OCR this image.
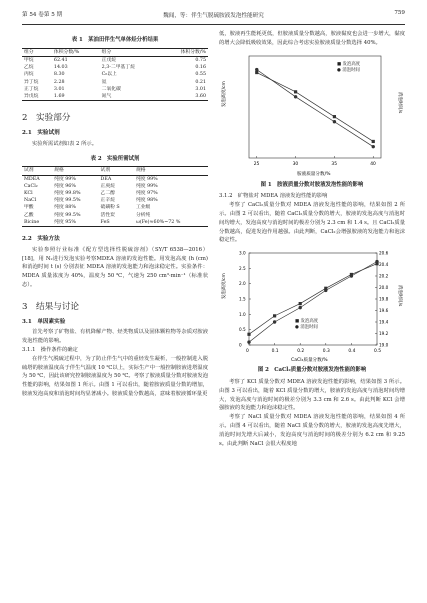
第 54 卷第 5 期	魏闻，等：伴生气脱硫胺液发泡性能研究	759
表 1　某油田伴生气单体烃分析结果
组分	体积分数/%	组分	体积分数/%
甲烷	62.41	正戊烷	0.75
乙烷	14.03	2,3-二甲基丁烷	0.16
丙烷	8.30	C₆以上	0.55
异丁烷	2.28	氦	0.21
正丁烷	3.01	二氧化碳	3.01
异戊烷	1.69	氮气	3.60
2　实验部分
2.1　实验试剂

实验所需试剂如表 2 所示。

表 2　实验所需试剂
试剂	规格	试剂	规格
MDEA	纯度 99%	DEA	纯度 99%
CaCl₂	纯度 96%	正庚烷	纯度 99%
KCl	纯度 99.8%	乙二醇	纯度 97%
NaCl	纯度 99.5%	正辛烷	纯度 98%
甲酸	纯度 88%	硫磺粉 S	工业级
乙酸	纯度 99.5%	活性炭	分析纯
Bicine	纯度 95%	FeS	ω(Fe)≈60%~72 %
2.2　实验方法

实验参照行业标准《配方型选择性脱硫溶剂》（SY/T 6538—2016）[18]，用 N₂进行发泡实验考察MDEA 溶液的发泡性能。用发泡高度 (h (cm)和消泡时间 t (s) 分别表征 MDEA 溶液的发泡能力和泡沫稳定性。实验条件：MDEA 质量浓度为 40%，温度为 50 ℃，气速为 250 cm³·min⁻¹（标准状态）。

3　结果与讨论
3.1　单因素实验

首先考察了矿物盐、有机降解产物、烃类物质以及固体颗粒物等杂质对胺液发泡性能的影响。

3.1.1　操作条件的确定

在伴生气脱硫过程中，为了防止伴生气中的重烃发生凝析，一般控制进入脱硫塔的胺液温度高于伴生气温度 10 ℃以上，实际生产中一般控制胺液进塔温度为 50 ℃，因此该研究控制胺液温度为 50 ℃。考察了胺液质量分数对胺液发泡性能的影响，结果如图 1 所示。由图 1 可以看出，随着胺液质量分数的增加，胺液发泡高度和消泡时间均显著减小。胺液质量分数越高，意味着胺液循环量更

低，胺液再生能耗更低，但胺液质量分数越高，胺液黏度也会进一步增大，黏度的增大会降低吸收效果，因此综合考虑实验胺液质量分数选择 40%。

发泡高度/cm	消泡时间/s
胺液质量分数/%
25	30	35	40
■ 发泡高度
● 消泡时间
图 1　胺液质量分数对胺液发泡性能的影响
3.1.2　矿物盐对 MDEA 溶液发泡性能的影响

考察了 CaCl₂质量分数对 MDEA 溶液发泡性能的影响，结果如图 2 所示。由图 2 可以看出，随着 CaCl₂质量分数的增大，胺液的发泡高度与消泡时间均增大，发泡高度与消泡时间的极差分别为 2.3 cm 和 1.4 s。且 CaCl₂质量分数越高，促进发泡作用越强。由此判断，CaCl₂会增强胺液的发泡能力和泡沫稳定性。

发泡高度/cm	消泡时间/s
CaCl₂质量分数/%
0	0.1	0.2	0.3	0.4	0.5
0
0.5
1.0
1.5
2.0
2.5
3.0
19.0
19.2
19.4
19.6
19.8
20.0
20.2
20.4
20.6
■ 发泡高度
● 消泡时间
图 2　CaCl₂质量分数对胺液发泡性能的影响

考察了 KCl 质量分数对 MDEA 溶液发泡性能的影响，结果如图 3 所示。由图 3 可以看出，随着 KCl 质量分数的增大，胺液的发泡高度与消泡时间均增大，发泡高度与消泡时间的极差分别为 3.3 cm 和 2.6 s。由此判断 KCl 会增强胺液的发泡能力和泡沫稳定性。

考察了 NaCl 质量分数对 MDEA 溶液发泡性能的影响，结果如图 4 所示。由图 4 可以看出，随着 NaCl 质量分数的增大，胺液的发泡高度先增大，消泡时间先增大后减小，发泡高度与消泡时间的极差分别为 6.2 cm 和 9.25 s。由此判断 NaCl 会很大程度地
